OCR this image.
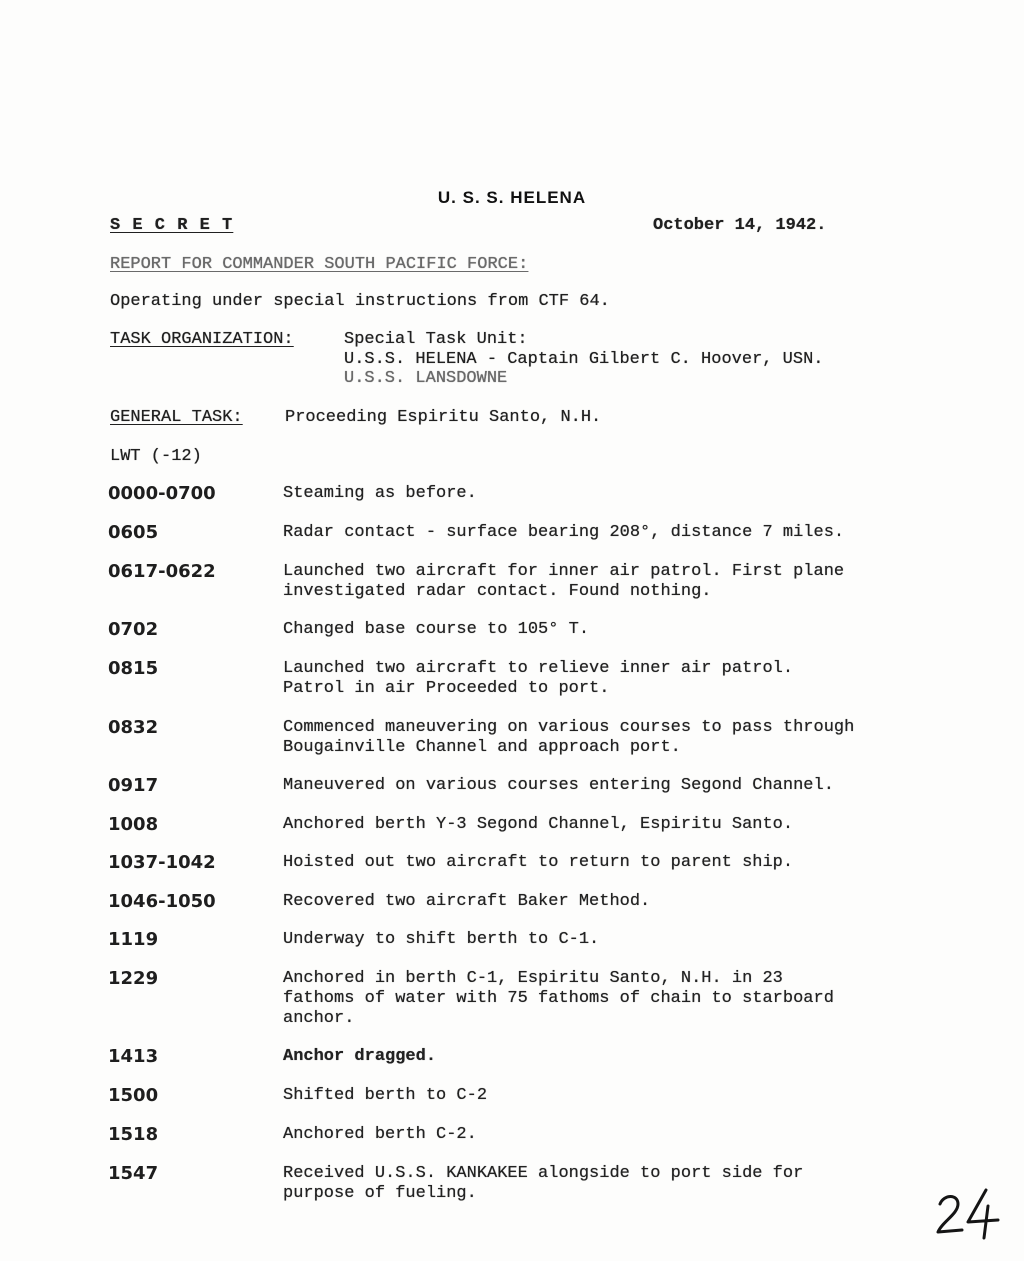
U. S. S. HELENA
S E C R E T	October 14, 1942.
REPORT FOR COMMANDER SOUTH PACIFIC FORCE:
Operating under special instructions from CTF 64.
TASK ORGANIZATION:	Special Task Unit:
U.S.S. HELENA - Captain Gilbert C. Hoover, USN.
U.S.S. LANSDOWNE
GENERAL TASK: Proceeding Espiritu Santo, N.H.
LWT (-12)
0000-0700	Steaming as before.
0605	Radar contact - surface bearing 208°, distance 7 miles.
0617-0622	Launched two aircraft for inner air patrol. First plane
investigated radar contact. Found nothing.
0702	Changed base course to 105° T.
0815	Launched two aircraft to relieve inner air patrol.
Patrol in air Proceeded to port.
0832	Commenced maneuvering on various courses to pass through
Bougainville Channel and approach port.
0917	Maneuvered on various courses entering Segond Channel.
1008	Anchored berth Y-3 Segond Channel, Espiritu Santo.
1037-1042	Hoisted out two aircraft to return to parent ship.
1046-1050	Recovered two aircraft Baker Method.
1119	Underway to shift berth to C-1.
1229	Anchored in berth C-1, Espiritu Santo, N.H. in 23
fathoms of water with 75 fathoms of chain to starboard
anchor.
1413	Anchor dragged.
1500	Shifted berth to C-2
1518	Anchored berth C-2.
1547	Received U.S.S. KANKAKEE alongside to port side for
purpose of fueling.
